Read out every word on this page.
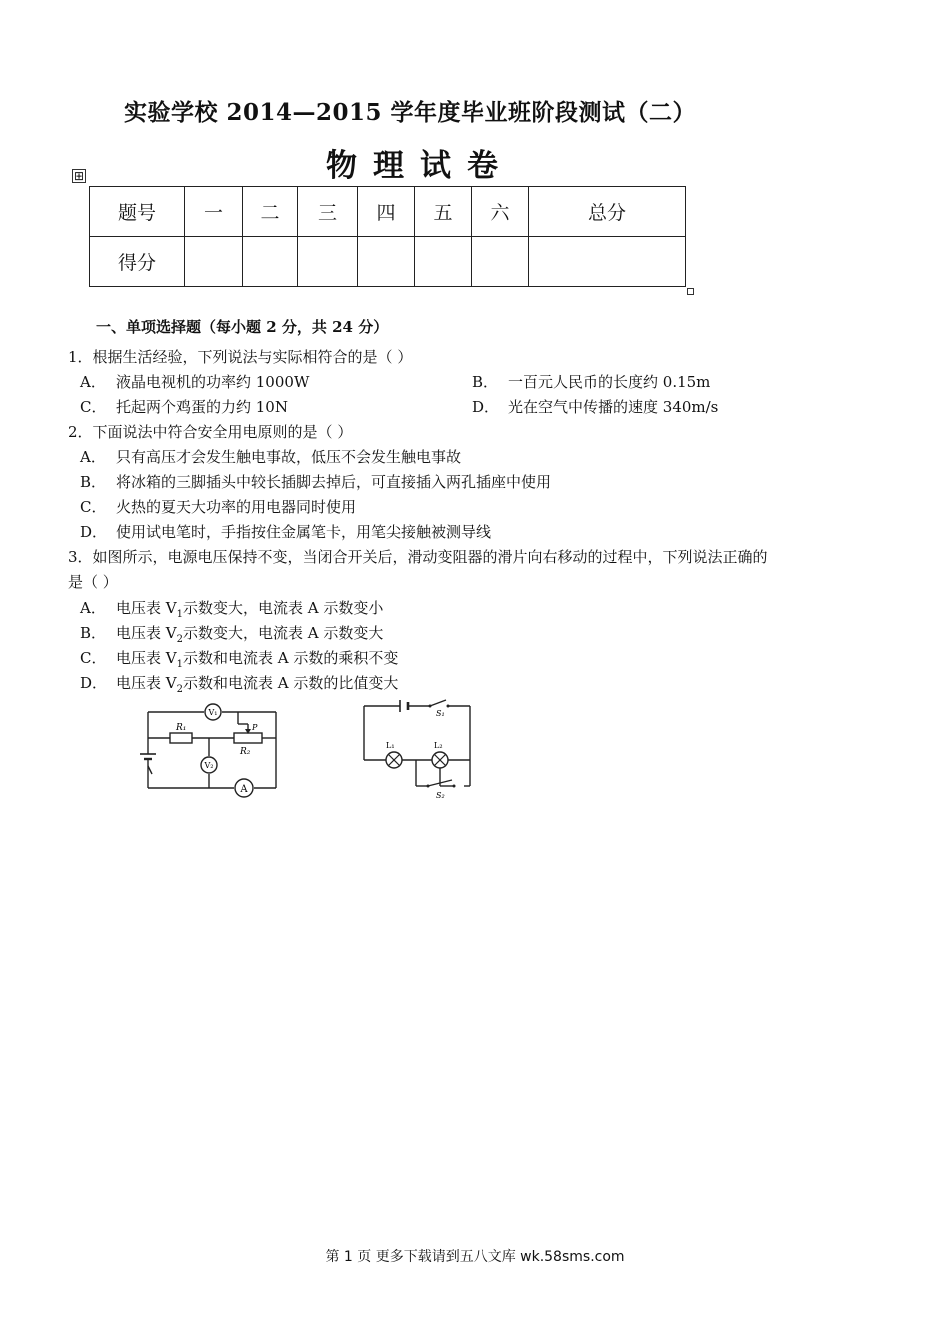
实验学校 2014—2015 学年度毕业班阶段测试（二）
物理试卷
⊞
题号	一	二	三	四	五	六	总分
得分							
一、单项选择题（每小题 2 分，共 24 分）
1．根据生活经验，下列说法与实际相符合的是（ ）
A． 液晶电视机的功率约 1000W	B． 一百元人民币的长度约 0.15m
C． 托起两个鸡蛋的力约 10N	D． 光在空气中传播的速度 340m/s
2．下面说法中符合安全用电原则的是（ ）
A． 只有高压才会发生触电事故，低压不会发生触电事故
B． 将冰箱的三脚插头中较长插脚去掉后，可直接插入两孔插座中使用
C． 火热的夏天大功率的用电器同时使用
D． 使用试电笔时，手指按住金属笔卡，用笔尖接触被测导线
3．如图所示，电源电压保持不变，当闭合开关后，滑动变阻器的滑片向右移动的过程中，下列说法正确的
是（ ）
A． 电压表 $V_1$示数变大，电流表 A 示数变小
B． 电压表 $V_2$示数变大，电流表 A 示数变大
C． 电压表 $V_1$示数和电流表 A 示数的乘积不变
D． 电压表 $V_2$示数和电流表 A 示数的比值变大
V₁
V₂
A
R₁
R₂
P
S₁
S₂
L₁	L₂
第 1 页 更多下载请到五八文库 wk.58sms.com
